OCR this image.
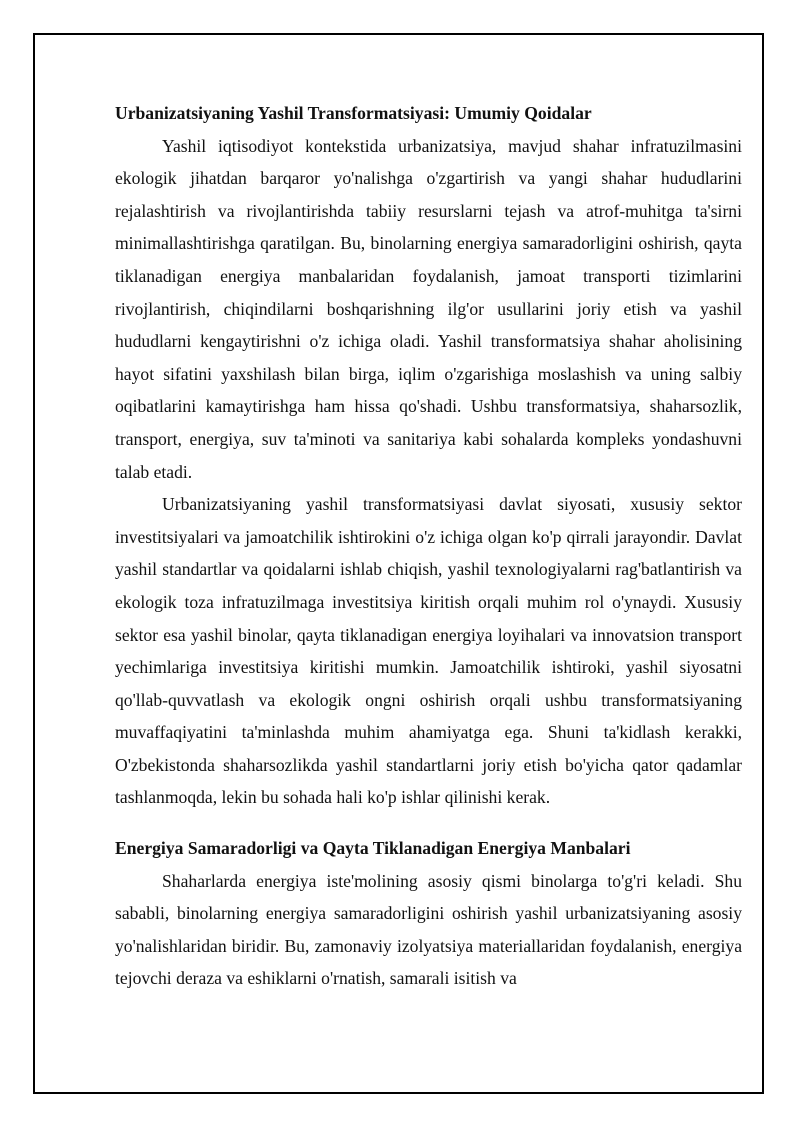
Urbanizatsiyaning Yashil Transformatsiyasi: Umumiy Qoidalar

Yashil iqtisodiyot kontekstida urbanizatsiya, mavjud shahar infratuzilmasini ekologik jihatdan barqaror yo'nalishga o'zgartirish va yangi shahar hududlarini rejalashtirish va rivojlantirishda tabiiy resurslarni tejash va atrof-muhitga ta'sirni minimallashtirishga qaratilgan. Bu, binolarning energiya samaradorligini oshirish, qayta tiklanadigan energiya manbalaridan foydalanish, jamoat transporti tizimlarini rivojlantirish, chiqindilarni boshqarishning ilg'or usullarini joriy etish va yashil hududlarni kengaytirishni o'z ichiga oladi. Yashil transformatsiya shahar aholisining hayot sifatini yaxshilash bilan birga, iqlim o'zgarishiga moslashish va uning salbiy oqibatlarini kamaytirishga ham hissa qo'shadi. Ushbu transformatsiya, shaharsozlik, transport, energiya, suv ta'minoti va sanitariya kabi sohalarda kompleks yondashuvni talab etadi.

Urbanizatsiyaning yashil transformatsiyasi davlat siyosati, xususiy sektor investitsiyalari va jamoatchilik ishtirokini o'z ichiga olgan ko'p qirrali jarayondir. Davlat yashil standartlar va qoidalarni ishlab chiqish, yashil texnologiyalarni rag'batlantirish va ekologik toza infratuzilmaga investitsiya kiritish orqali muhim rol o'ynaydi. Xususiy sektor esa yashil binolar, qayta tiklanadigan energiya loyihalari va innovatsion transport yechimlariga investitsiya kiritishi mumkin. Jamoatchilik ishtiroki, yashil siyosatni qo'llab-quvvatlash va ekologik ongni oshirish orqali ushbu transformatsiyaning muvaffaqiyatini ta'minlashda muhim ahamiyatga ega. Shuni ta'kidlash kerakki, O'zbekistonda shaharsozlikda yashil standartlarni joriy etish bo'yicha qator qadamlar tashlanmoqda, lekin bu sohada hali ko'p ishlar qilinishi kerak.

Energiya Samaradorligi va Qayta Tiklanadigan Energiya Manbalari

Shaharlarda energiya iste'molining asosiy qismi binolarga to'g'ri keladi. Shu sababli, binolarning energiya samaradorligini oshirish yashil urbanizatsiyaning asosiy yo'nalishlaridan biridir. Bu, zamonaviy izolyatsiya materiallaridan foydalanish, energiya tejovchi deraza va eshiklarni o'rnatish, samarali isitish va
